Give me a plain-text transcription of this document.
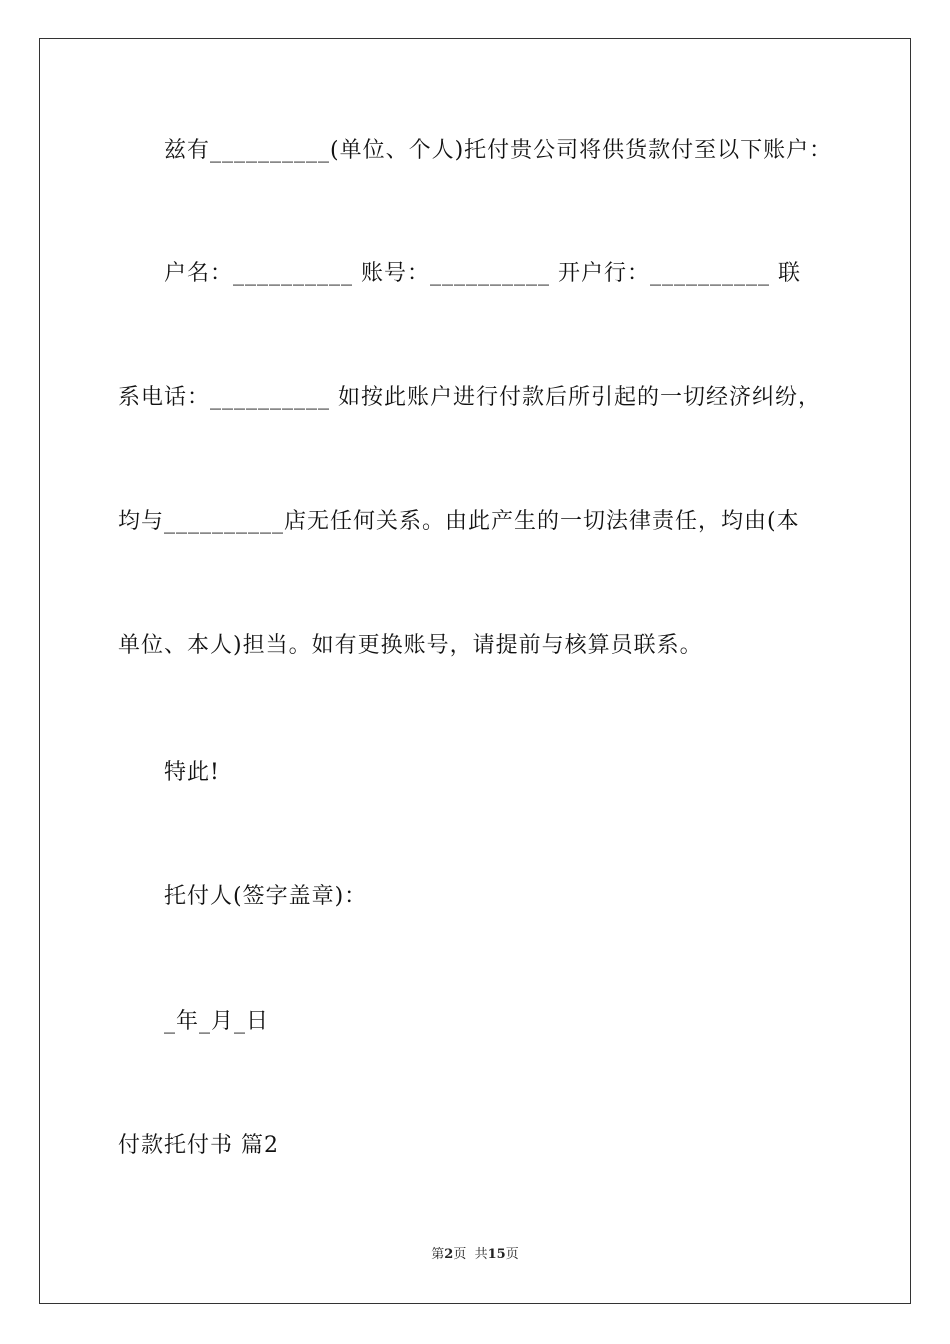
兹有__________(单位、个人)托付贵公司将供货款付至以下账户：
户名：__________ 账号：__________ 开户行：__________ 联
系电话：__________ 如按此账户进行付款后所引起的一切经济纠纷，
均与__________店无任何关系。由此产生的一切法律责任，均由(本
单位、本人)担当。如有更换账号，请提前与核算员联系。
特此!
托付人(签字盖章)：
_年_月_日
付款托付书 篇2
第2页  共15页
